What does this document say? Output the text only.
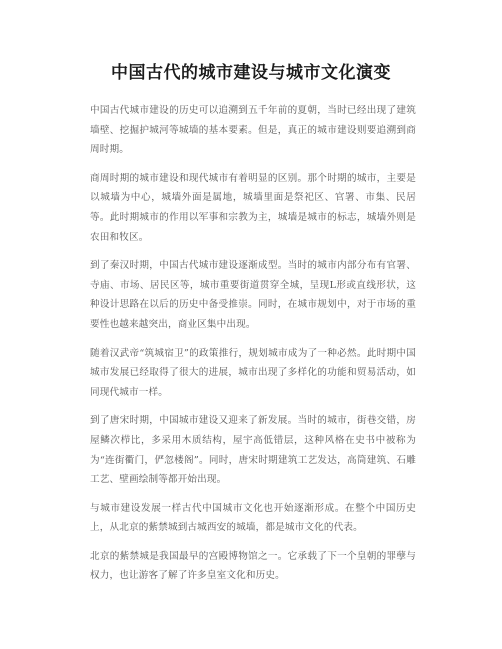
中国古代的城市建设与城市文化演变

中国古代城市建设的历史可以追溯到五千年前的夏朝，当时已经出现了建筑墙壁、挖掘护城河等城墙的基本要素。但是，真正的城市建设则要追溯到商周时期。

商周时期的城市建设和现代城市有着明显的区别。那个时期的城市，主要是以城墙为中心，城墙外面是属地，城墙里面是祭祀区、官署、市集、民居等。此时期城市的作用以军事和宗教为主，城墙是城市的标志，城墙外则是农田和牧区。

到了秦汉时期，中国古代城市建设逐渐成型。当时的城市内部分布有官署、寺庙、市场、居民区等，城市重要街道贯穿全城，呈现L形或直线形状，这种设计思路在以后的历史中备受推崇。同时，在城市规划中，对于市场的重要性也越来越突出，商业区集中出现。

随着汉武帝“筑城宿卫”的政策推行，规划城市成为了一种必然。此时期中国城市发展已经取得了很大的进展，城市出现了多样化的功能和贸易活动，如同现代城市一样。

到了唐宋时期，中国城市建设又迎来了新发展。当时的城市，街巷交错，房屋鳞次栉比，多采用木质结构，屋宇高低错层，这种风格在史书中被称为为“连街衢门，俨忽楼阁”。同时，唐宋时期建筑工艺发达，高筒建筑、石雕工艺、壁画绘制等都开始出现。

与城市建设发展一样古代中国城市文化也开始逐渐形成。在整个中国历史上，从北京的紫禁城到古城西安的城墙，都是城市文化的代表。

北京的紫禁城是我国最早的宫殿博物馆之一。它承载了下一个皇朝的罪孽与权力，也让游客了解了许多皇室文化和历史。
